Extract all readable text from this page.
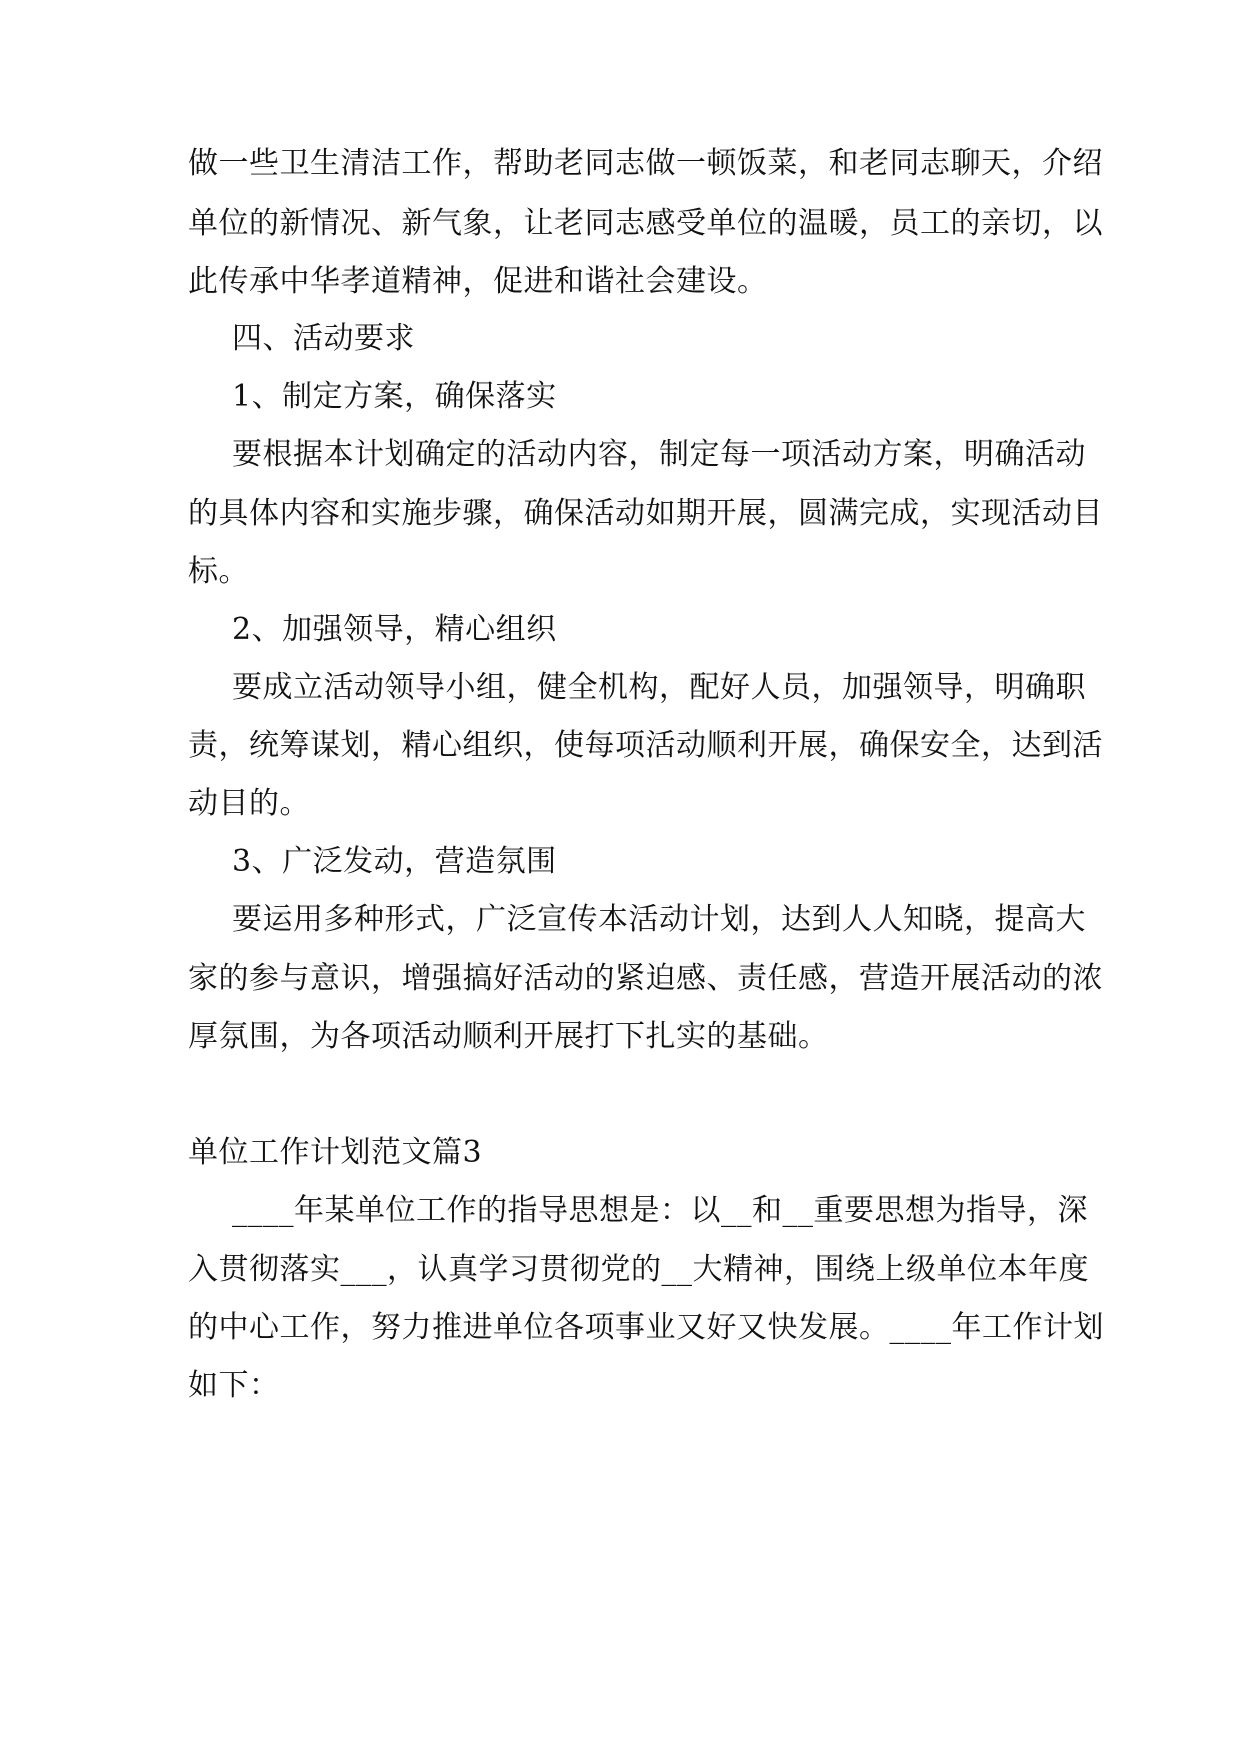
做一些卫生清洁工作，帮助老同志做一顿饭菜，和老同志聊天，介绍
单位的新情况、新气象，让老同志感受单位的温暖，员工的亲切，以
此传承中华孝道精神，促进和谐社会建设。
四、活动要求
1、制定方案，确保落实
要根据本计划确定的活动内容，制定每一项活动方案，明确活动
的具体内容和实施步骤，确保活动如期开展，圆满完成，实现活动目
标。
2、加强领导，精心组织
要成立活动领导小组，健全机构，配好人员，加强领导，明确职
责，统筹谋划，精心组织，使每项活动顺利开展，确保安全，达到活
动目的。
3、广泛发动，营造氛围
要运用多种形式，广泛宣传本活动计划，达到人人知晓，提高大
家的参与意识，增强搞好活动的紧迫感、责任感，营造开展活动的浓
厚氛围，为各项活动顺利开展打下扎实的基础。
单位工作计划范文篇3
____年某单位工作的指导思想是：以__和__重要思想为指导，深
入贯彻落实___，认真学习贯彻党的__大精神，围绕上级单位本年度
的中心工作，努力推进单位各项事业又好又快发展。____年工作计划
如下：
